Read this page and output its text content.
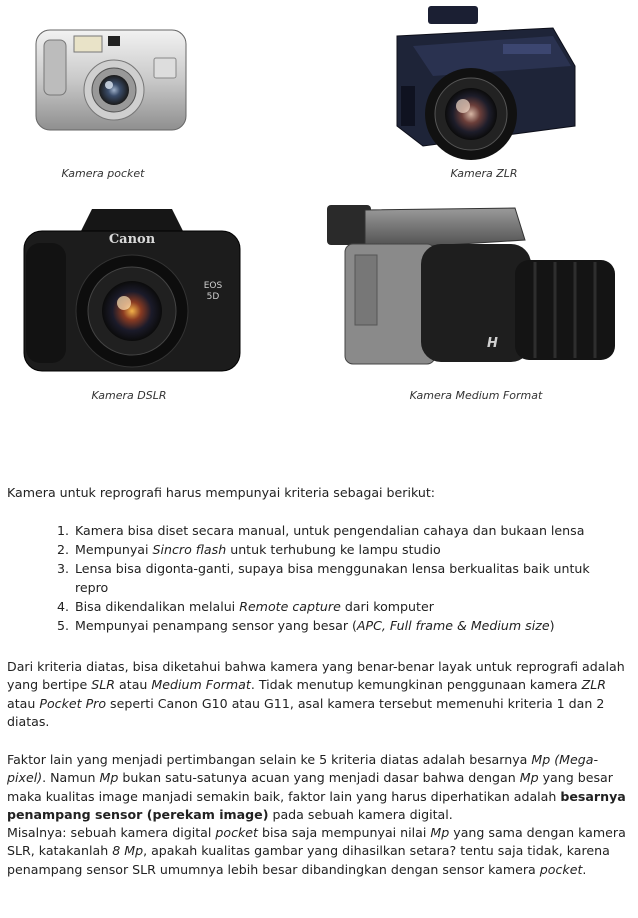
Kamera pocket	Kamera ZLR
Canon
EOS
5D
Kamera DSLR
H
Kamera Medium Format
Kamera untuk reprografi harus mempunyai kriteria sebagai berikut:
1. Kamera bisa diset secara manual, untuk pengendalian cahaya dan bukaan lensa
2. Mempunyai Sincro flash untuk terhubung ke lampu studio
3. Lensa bisa digonta-ganti, supaya bisa menggunakan lensa berkualitas baik untuk repro
4. Bisa dikendalikan melalui Remote capture dari komputer
5. Mempunyai penampang sensor yang besar (APC, Full frame & Medium size)

Dari kriteria diatas, bisa diketahui bahwa kamera yang benar-benar layak untuk reprografi adalah yang bertipe SLR atau Medium Format. Tidak menutup kemungkinan penggunaan kamera ZLR atau Pocket Pro seperti Canon G10 atau G11, asal kamera tersebut memenuhi kriteria 1 dan 2 diatas.

Faktor lain yang menjadi pertimbangan selain ke 5 kriteria diatas adalah besarnya Mp (Mega-pixel). Namun Mp bukan satu-satunya acuan yang menjadi dasar bahwa dengan Mp yang besar maka kualitas image manjadi semakin baik, faktor lain yang harus diperhatikan adalah besarnya penampang sensor (perekam image) pada sebuah kamera digital.

Misalnya: sebuah kamera digital pocket bisa saja mempunyai nilai Mp yang sama dengan kamera SLR, katakanlah 8 Mp, apakah kualitas gambar yang dihasilkan setara? tentu saja tidak, karena penampang sensor SLR umumnya lebih besar dibandingkan dengan sensor kamera pocket.
